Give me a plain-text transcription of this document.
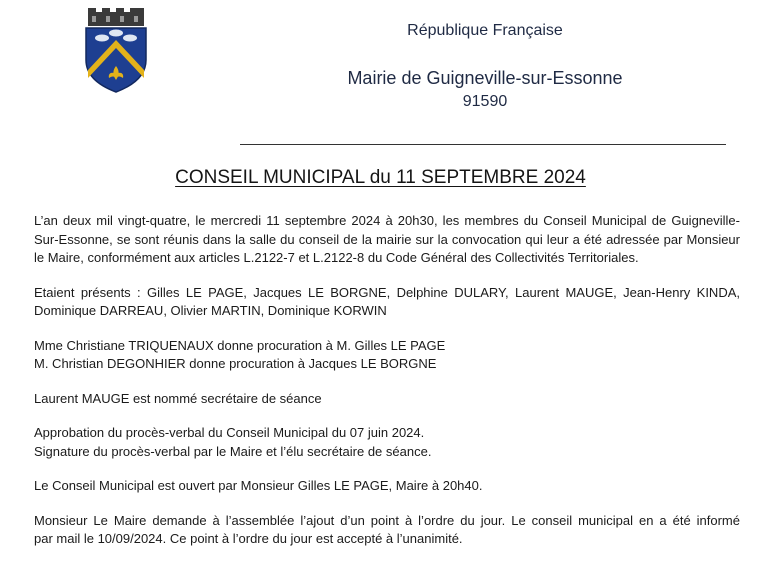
République Française
Mairie de Guigneville-sur-Essonne
91590
CONSEIL MUNICIPAL du 11 SEPTEMBRE 2024

L’an deux mil vingt-quatre, le mercredi 11 septembre 2024 à 20h30, les membres du Conseil Municipal de Guigneville-
Sur-Essonne, se sont réunis dans la salle du conseil de la mairie sur la convocation qui leur a été adressée par Monsieur
le Maire, conformément aux articles L.2122-7 et L.2122-8 du Code Général des Collectivités Territoriales.

Etaient présents : Gilles LE PAGE, Jacques LE BORGNE, Delphine DULARY, Laurent MAUGE, Jean-Henry KINDA,
Dominique DARREAU, Olivier MARTIN, Dominique KORWIN

Mme Christiane TRIQUENAUX donne procuration à M. Gilles LE PAGE
M. Christian DEGONHIER donne procuration à Jacques LE BORGNE

Laurent MAUGE est nommé secrétaire de séance

Approbation du procès-verbal du Conseil Municipal du 07 juin 2024.
Signature du procès-verbal par le Maire et l’élu secrétaire de séance.

Le Conseil Municipal est ouvert par Monsieur Gilles LE PAGE, Maire à 20h40.

Monsieur Le Maire demande à l’assemblée l’ajout d’un point à l’ordre du jour. Le conseil municipal en a été informé
par mail le 10/09/2024. Ce point à l’ordre du jour est accepté à l’unanimité.
